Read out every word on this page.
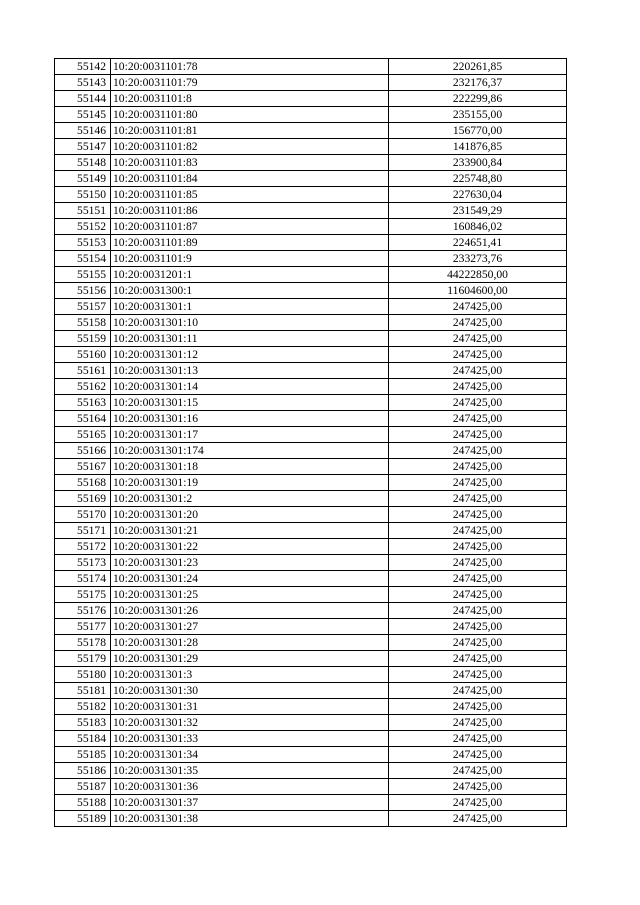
55142	10:20:0031101:78	220261,85
55143	10:20:0031101:79	232176,37
55144	10:20:0031101:8	222299,86
55145	10:20:0031101:80	235155,00
55146	10:20:0031101:81	156770,00
55147	10:20:0031101:82	141876,85
55148	10:20:0031101:83	233900,84
55149	10:20:0031101:84	225748,80
55150	10:20:0031101:85	227630,04
55151	10:20:0031101:86	231549,29
55152	10:20:0031101:87	160846,02
55153	10:20:0031101:89	224651,41
55154	10:20:0031101:9	233273,76
55155	10:20:0031201:1	44222850,00
55156	10:20:0031300:1	11604600,00
55157	10:20:0031301:1	247425,00
55158	10:20:0031301:10	247425,00
55159	10:20:0031301:11	247425,00
55160	10:20:0031301:12	247425,00
55161	10:20:0031301:13	247425,00
55162	10:20:0031301:14	247425,00
55163	10:20:0031301:15	247425,00
55164	10:20:0031301:16	247425,00
55165	10:20:0031301:17	247425,00
55166	10:20:0031301:174	247425,00
55167	10:20:0031301:18	247425,00
55168	10:20:0031301:19	247425,00
55169	10:20:0031301:2	247425,00
55170	10:20:0031301:20	247425,00
55171	10:20:0031301:21	247425,00
55172	10:20:0031301:22	247425,00
55173	10:20:0031301:23	247425,00
55174	10:20:0031301:24	247425,00
55175	10:20:0031301:25	247425,00
55176	10:20:0031301:26	247425,00
55177	10:20:0031301:27	247425,00
55178	10:20:0031301:28	247425,00
55179	10:20:0031301:29	247425,00
55180	10:20:0031301:3	247425,00
55181	10:20:0031301:30	247425,00
55182	10:20:0031301:31	247425,00
55183	10:20:0031301:32	247425,00
55184	10:20:0031301:33	247425,00
55185	10:20:0031301:34	247425,00
55186	10:20:0031301:35	247425,00
55187	10:20:0031301:36	247425,00
55188	10:20:0031301:37	247425,00
55189	10:20:0031301:38	247425,00
